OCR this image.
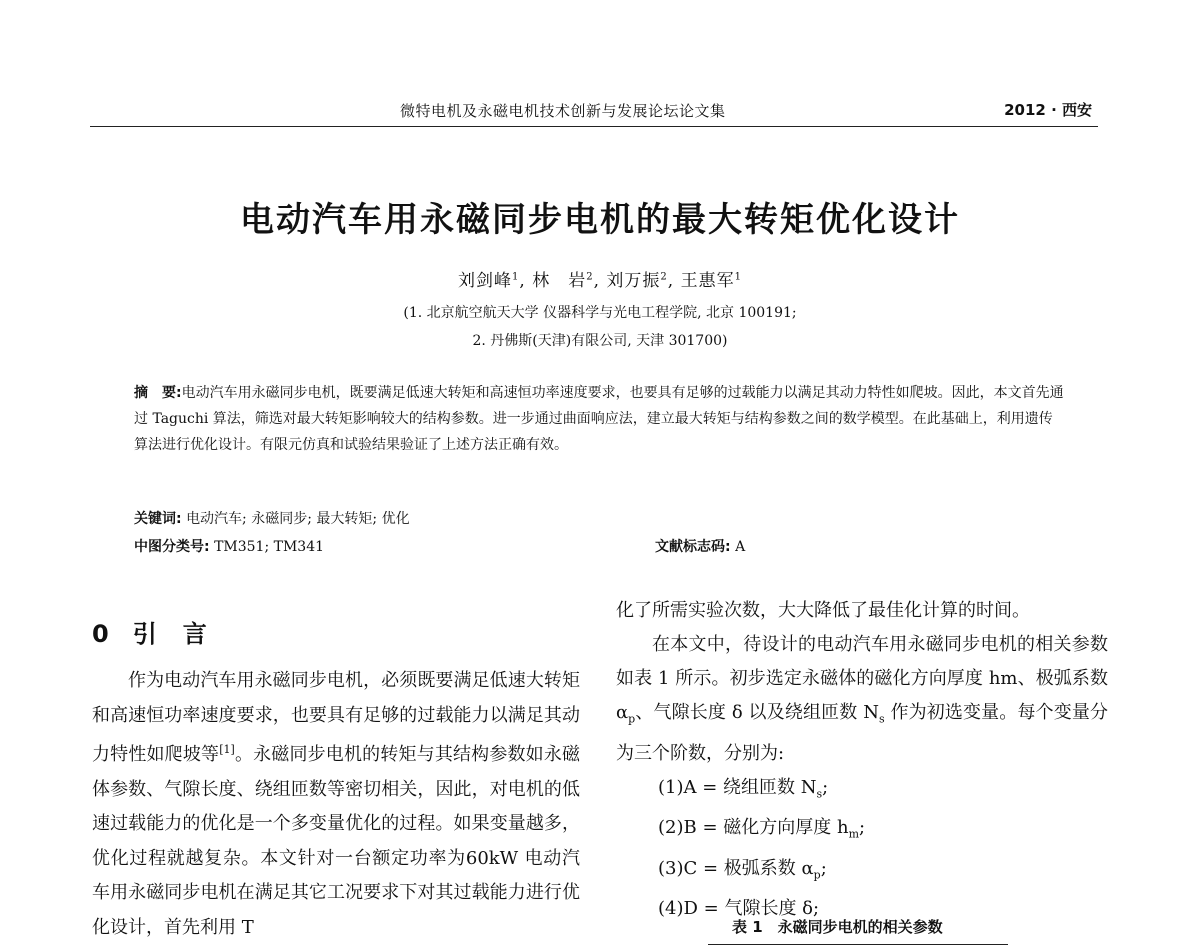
微特电机及永磁电机技术创新与发展论坛论文集	2012 · 西安
电动汽车用永磁同步电机的最大转矩优化设计
刘剑峰$^1$, 林　岩$^2$, 刘万振$^2$, 王惠军$^1$
(1. 北京航空航天大学 仪器科学与光电工程学院, 北京 100191;
2. 丹佛斯(天津)有限公司, 天津 301700)
摘　要:电动汽车用永磁同步电机，既要满足低速大转矩和高速恒功率速度要求，也要具有足够的过载能力以满足其动力特性如爬坡。因此，本文首先通过 Taguchi 算法，筛选对最大转矩影响较大的结构参数。进一步通过曲面响应法，建立最大转矩与结构参数之间的数学模型。在此基础上，利用遗传算法进行优化设计。有限元仿真和试验结果验证了上述方法正确有效。
关键词: 电动汽车; 永磁同步; 最大转矩; 优化
中图分类号: TM351; TM341	文献标志码: A
0 引 言

作为电动汽车用永磁同步电机，必须既要满足低速大转矩和高速恒功率速度要求，也要具有足够的过载能力以满足其动力特性如爬坡等[1]。永磁同步电机的转矩与其结构参数如永磁体参数、气隙长度、绕组匝数等密切相关，因此，对电机的低速过载能力的优化是一个多变量优化的过程。如果变量越多，优化过程就越复杂。本文针对一台额定功率为60kW 电动汽车用永磁同步电机在满足其它工况要求下对其过载能力进行优化设计，首先利用 T

化了所需实验次数，大大降低了最佳化计算的时间。

在本文中，待设计的电动汽车用永磁同步电机的相关参数如表 1 所示。初步选定永磁体的磁化方向厚度 hm、极弧系数 $\alpha_p$、气隙长度 δ 以及绕组匝数 $N_s$ 作为初选变量。每个变量分为三个阶数，分别为:

(1)A = 绕组匝数 $N_s$;
(2)B = 磁化方向厚度 $h_m$;
(3)C = 极弧系数 $\alpha_p$;
(4)D = 气隙长度 δ;
表 1　永磁同步电机的相关参数
